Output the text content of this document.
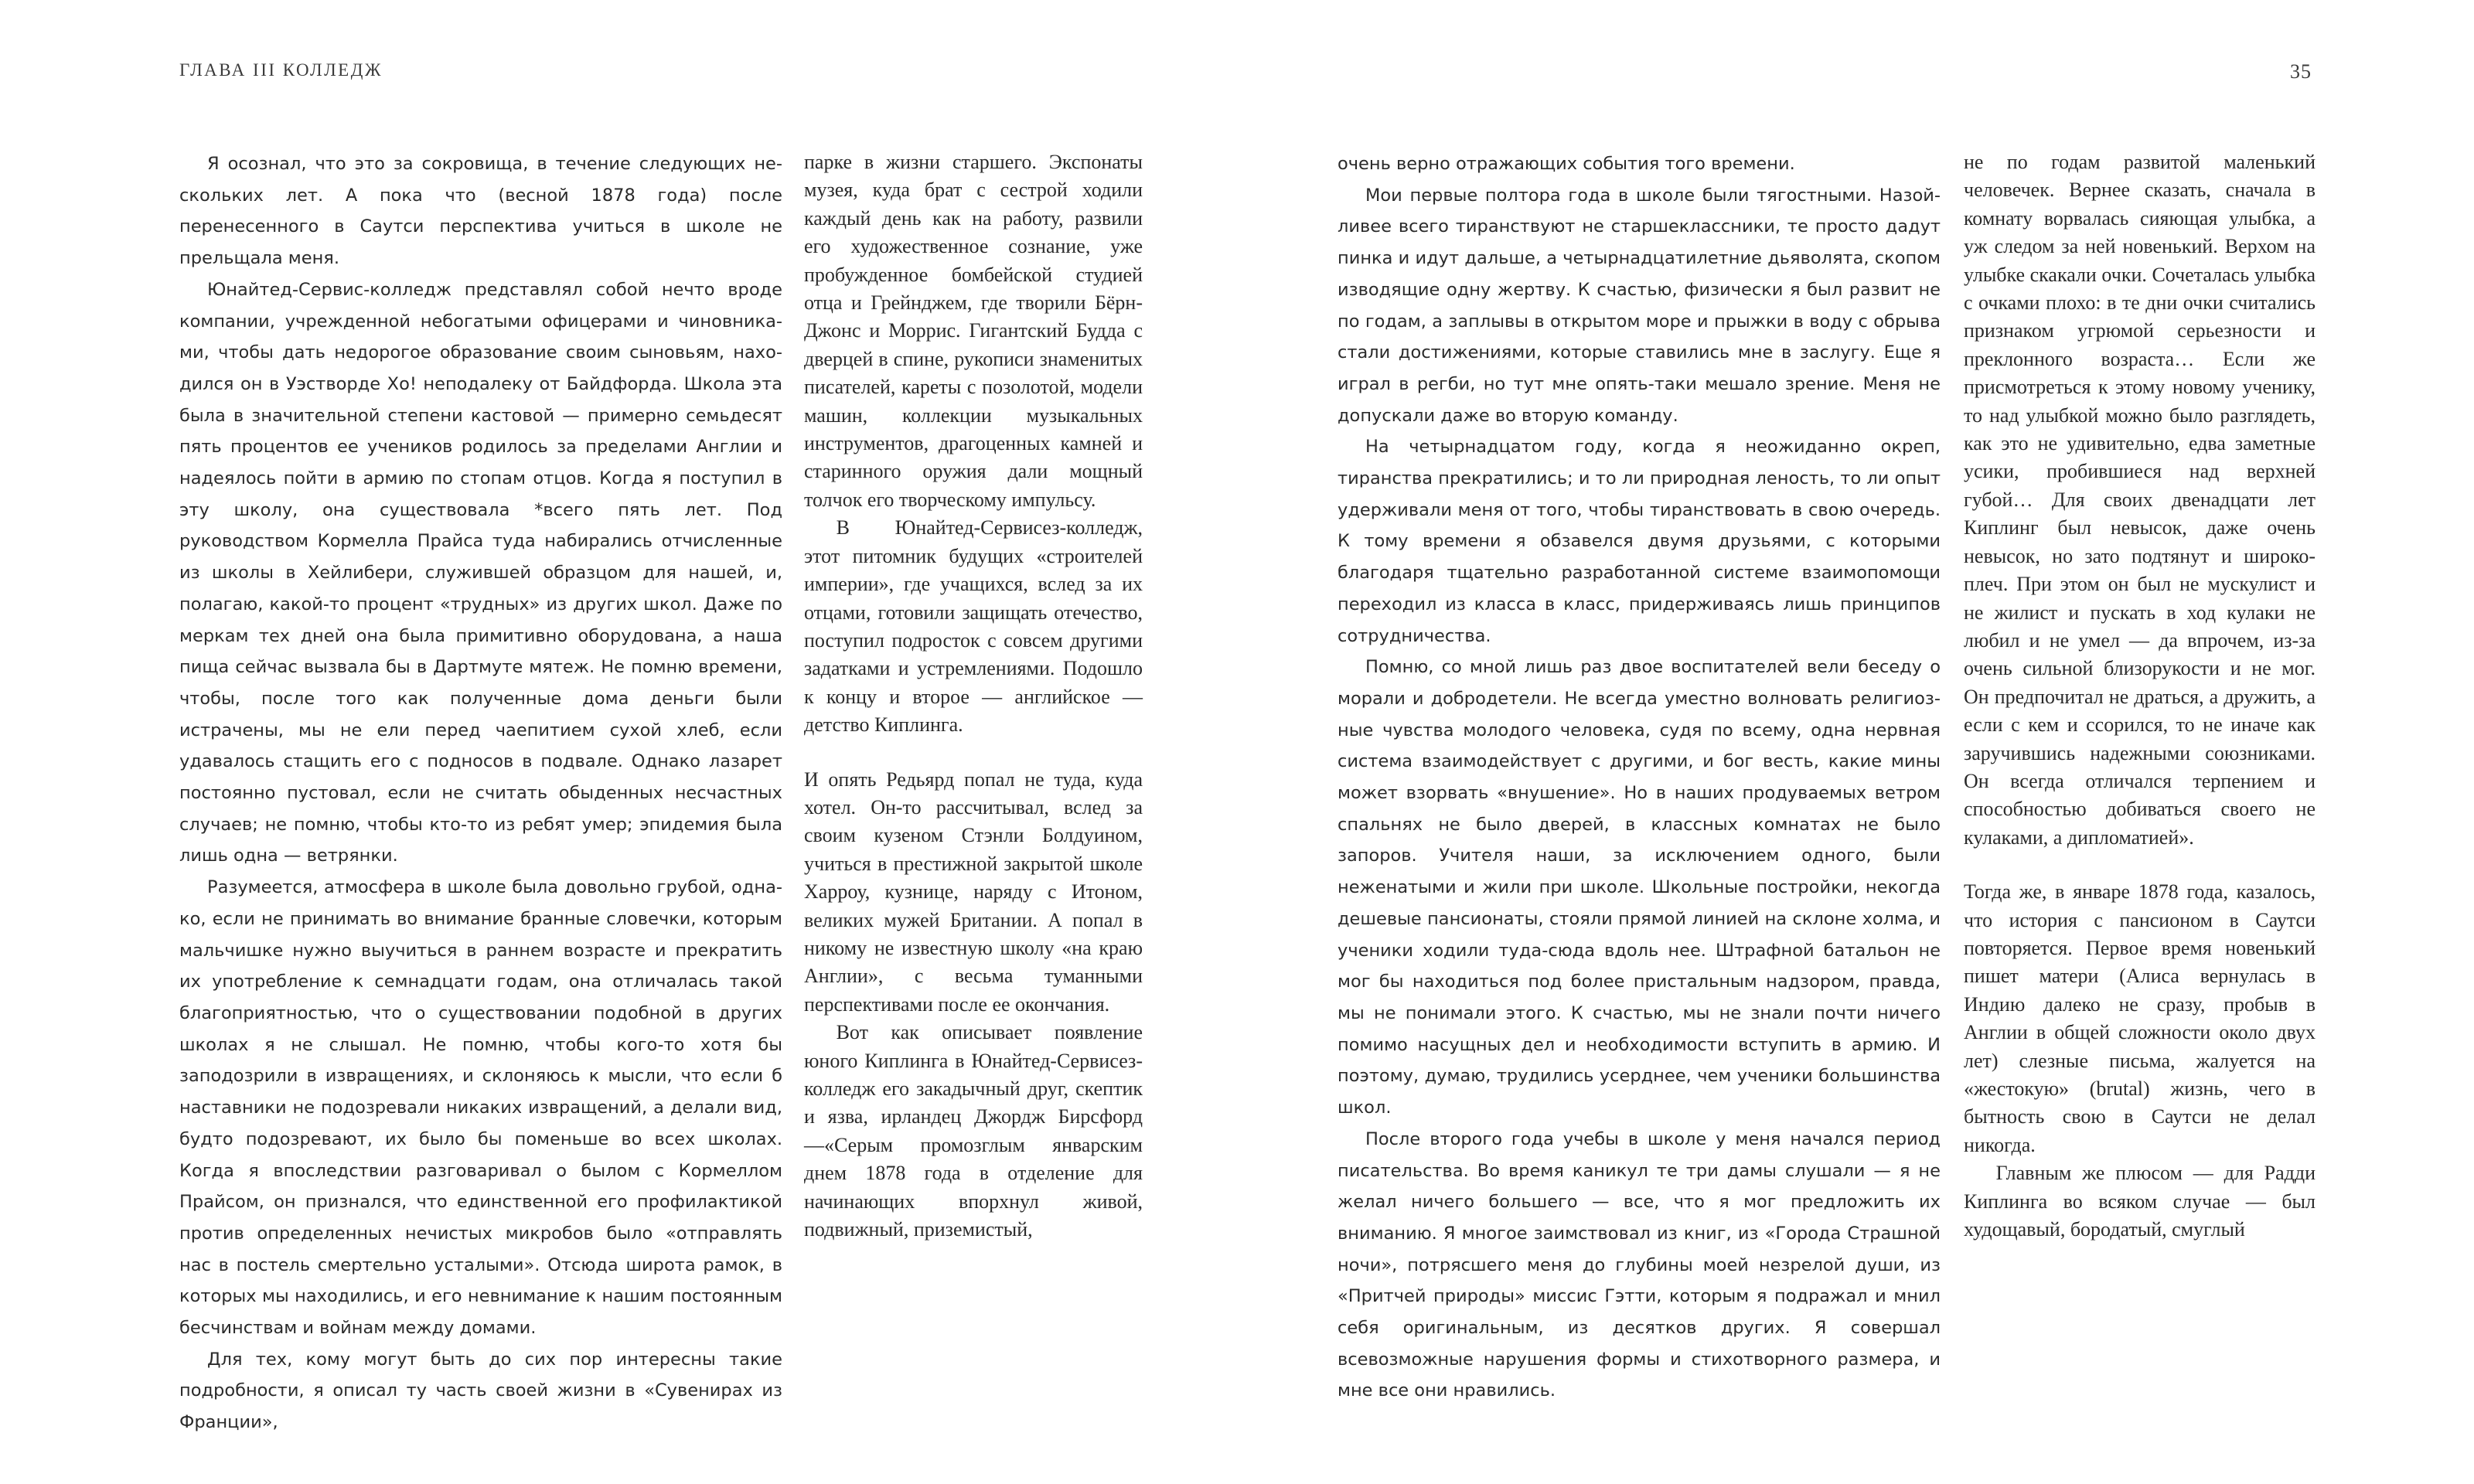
ГЛАВА III КОЛЛЕДЖ	35

Я осознал, что это за сокровища, в течение следующих нескольких лет. А пока что (весной 1878 года) после перенесенного в Саутси перспектива учиться в школе не прельщала меня.

Юнайтед-Сервис-колледж представлял собой нечто вроде компании, учрежденной небогатыми офицерами и чиновниками, чтобы дать недорогое образование своим сыновьям, находился он в Уэстворде Хо! неподалеку от Байдфорда. Школа эта была в значительной степени кастовой — примерно семьдесят пять процентов ее учеников родилось за пределами Англии и надеялось пойти в армию по стопам отцов. Когда я поступил в эту школу, она существовала *всего пять лет. Под руководством Кормелла Прайса туда набирались отчисленные из школы в Хейлибери, служившей образцом для нашей, и, полагаю, какой-то процент «трудных» из других школ. Даже по меркам тех дней она была примитивно оборудована, а наша пища сейчас вызвала бы в Дартмуте мятеж. Не помню времени, чтобы, после того как полученные дома деньги были истрачены, мы не ели перед чаепитием сухой хлеб, если удавалось стащить его с подносов в подвале. Однако лазарет постоянно пустовал, если не считать обыденных несчастных случаев; не помню, чтобы кто-то из ребят умер; эпидемия была лишь одна — ветрянки.

Разумеется, атмосфера в школе была довольно грубой, однако, если не принимать во внимание бранные словечки, которым мальчишке нужно выучиться в раннем возрасте и прекратить их употребление к семнадцати годам, она отличалась такой благоприятностью, что о существовании подобной в других школах я не слышал. Не помню, чтобы кого-то хотя бы заподозрили в извращениях, и склоняюсь к мысли, что если б наставники не подозревали никаких извращений, а делали вид, будто подозревают, их было бы поменьше во всех школах. Когда я впоследствии разговаривал о былом с Кормеллом Прайсом, он признался, что единственной его профилактикой против определенных нечистых микробов было «отправлять нас в постель смертельно усталыми». Отсюда широта рамок, в которых мы находились, и его невнимание к нашим постоянным бесчинствам и войнам между домами.

Для тех, кому могут быть до сих пор интересны такие подробности, я описал ту часть своей жизни в «Сувенирах из Франции»,

парке в жизни старшего. Экспонаты музея, куда брат с сестрой ходили каждый день как на работу, развили его художественное сознание, уже пробужденное бомбейской студией отца и Грейнджем, где творили Бёрн-Джонс и Моррис. Гигантский Будда с дверцей в спине, рукописи знаменитых писателей, кареты с позолотой, модели машин, коллекции музыкальных инструментов, драгоценных камней и старинного оружия дали мощный толчок его творческому импульсу.

В Юнайтед-Сервисез-колледж, этот питомник будущих «строителей империи», где учащихся, вслед за их отцами, готовили защищать отечество, поступил подросток с совсем другими задатками и устремлениями. Подошло к концу и второе — английское — детство Киплинга.

И опять Редьярд попал не туда, куда хотел. Он-то рассчитывал, вслед за своим кузеном Стэнли Болдуином, учиться в престижной закрытой школе Харроу, кузнице, наряду с Итоном, великих мужей Британии. А попал в никому не известную школу «на краю Англии», с весьма туманными перспективами после ее окончания.

Вот как описывает появление юного Киплинга в Юнайтед-Сервисез-колледж его закадычный друг, скептик и язва, ирландец Джордж Бирсфорд —«Серым промозглым январским днем 1878 года в отделение для начинающих впорхнул живой, подвижный, приземистый,

очень верно отражающих события того времени.

Мои первые полтора года в школе были тягостными. Назойливее всего тиранствуют не старшеклассники, те просто дадут пинка и идут дальше, а четырнадцатилетние дьяволята, скопом изводящие одну жертву. К счастью, физически я был развит не по годам, а заплывы в открытом море и прыжки в воду с обрыва стали достижениями, которые ставились мне в заслугу. Еще я играл в регби, но тут мне опять-таки мешало зрение. Меня не допускали даже во вторую команду.

На четырнадцатом году, когда я неожиданно окреп, тиранства прекратились; и то ли природная леность, то ли опыт удерживали меня от того, чтобы тиранствовать в свою очередь. К тому времени я обзавелся двумя друзьями, с которыми благодаря тщательно разработанной системе взаимопомощи переходил из класса в класс, придерживаясь лишь принципов сотрудничества.

Помню, со мной лишь раз двое воспитателей вели беседу о морали и добродетели. Не всегда уместно волновать религиозные чувства молодого человека, судя по всему, одна нервная система взаимодействует с другими, и бог весть, какие мины может взорвать «внушение». Но в наших продуваемых ветром спальнях не было дверей, в классных комнатах не было запоров. Учителя наши, за исключением одного, были неженатыми и жили при школе. Школьные постройки, некогда дешевые пансионаты, стояли прямой линией на склоне холма, и ученики ходили туда-сюда вдоль нее. Штрафной батальон не мог бы находиться под более пристальным надзором, правда, мы не понимали этого. К счастью, мы не знали почти ничего помимо насущных дел и необходимости вступить в армию. И поэтому, думаю, трудились усерднее, чем ученики большинства школ.

После второго года учебы в школе у меня начался период писательства. Во время каникул те три дамы слушали — я не желал ничего большего — все, что я мог предложить их вниманию. Я многое заимствовал из книг, из «Города Страшной ночи», потрясшего меня до глубины моей незрелой души, из «Притчей природы» миссис Гэтти, которым я подражал и мнил себя оригинальным, из десятков других. Я совершал всевозможные нарушения формы и стихотворного размера, и мне все они нравились.

не по годам развитой маленький человечек. Вернее сказать, сначала в комнату ворвалась сияющая улыбка, а уж следом за ней новенький. Верхом на улыбке скакали очки. Сочеталась улыбка с очками плохо: в те дни очки считались признаком угрюмой серьезности и преклонного возраста… Если же присмотреться к этому новому ученику, то над улыбкой можно было разглядеть, как это не удивительно, едва заметные усики, пробившиеся над верхней губой… Для своих двенадцати лет Киплинг был невысок, даже очень невысок, но зато подтянут и широкоплеч. При этом он был не мускулист и не жилист и пускать в ход кулаки не любил и не умел — да впрочем, из-за очень сильной близорукости и не мог. Он предпочитал не драться, а дружить, а если с кем и ссорился, то не иначе как заручившись надежными союзниками. Он всегда отличался терпением и способностью добиваться своего не кулаками, а дипломатией».

Тогда же, в январе 1878 года, казалось, что история с пансионом в Саутси повторяется. Первое время новенький пишет матери (Алиса вернулась в Индию далеко не сразу, пробыв в Англии в общей сложности около двух лет) слезные письма, жалуется на «жестокую» (brutal) жизнь, чего в бытность свою в Саутси не делал никогда.

Главным же плюсом — для Радди Киплинга во всяком случае — был худощавый, бородатый, смуглый
